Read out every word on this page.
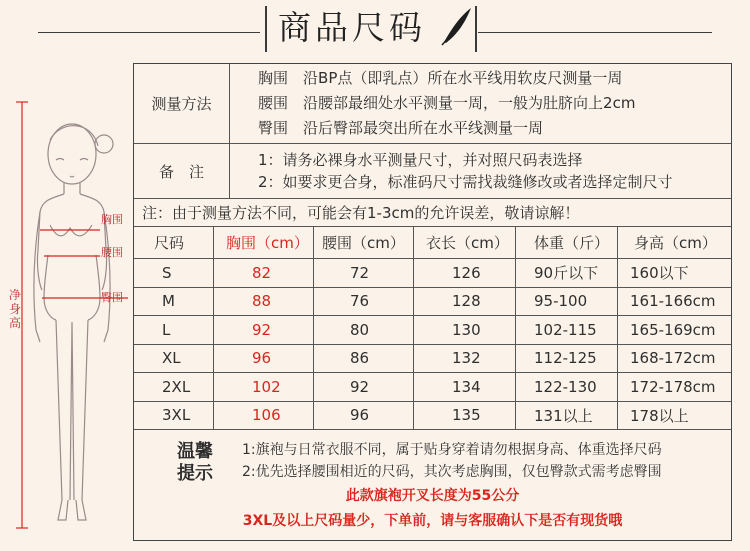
商品尺码
胸围
腰围
臀围
净身高
测量方法
胸围　 沿BP点（即乳点）所在水平线用软皮尺测量一周
腰围　 沿腰部最细处水平测量一周，一般为肚脐向上2cm
臀围　 沿后臀部最突出所在水平线测量一周
备　注
1：请务必裸身水平测量尺寸，并对照尺码表选择
2：如要求更合身，标准码尺寸需找裁缝修改或者选择定制尺寸
注：由于测量方法不同，可能会有1-3cm的允许误差，敬请谅解！
尺码	胸围（cm） 腰围（cm） 衣长（cm） 体重（斤） 身高（cm）
S	82	72	126	90斤以下 160以下
M	88	76	128	95-100	161-166cm
L	92	80	130	102-115 165-169cm
XL	96	86	132	112-125 168-172cm
2XL	102	92	134	122-130 172-178cm
3XL	106	96	135	131以上 178以上
温馨
提示
1:旗袍与日常衣服不同，属于贴身穿着请勿根据身高、体重选择尺码
2:优先选择腰围相近的尺码，其次考虑胸围，仅包臀款式需考虑臀围
此款旗袍开叉长度为55公分
3XL及以上尺码量少，下单前，请与客服确认下是否有现货哦
